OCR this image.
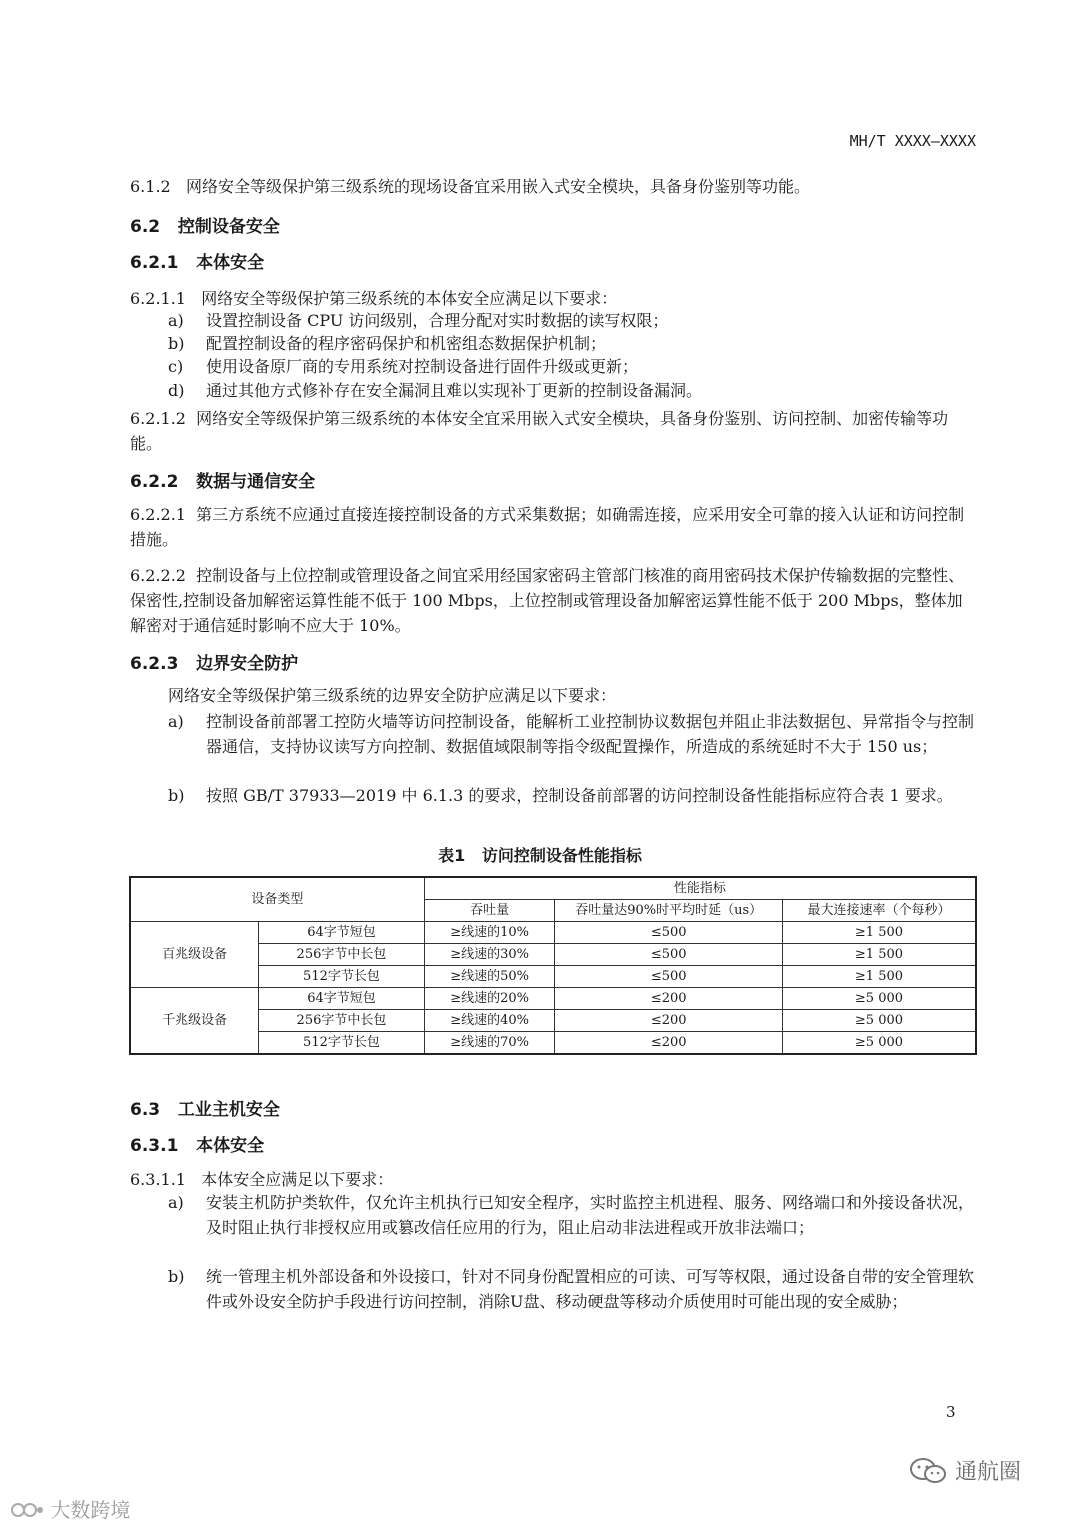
MH/T XXXX—XXXX
6.1.2 网络安全等级保护第三级系统的现场设备宜采用嵌入式安全模块，具备身份鉴别等功能。
6.2 控制设备安全
6.2.1 本体安全
6.2.1.1 网络安全等级保护第三级系统的本体安全应满足以下要求：
a) 设置控制设备 CPU 访问级别，合理分配对实时数据的读写权限；
b) 配置控制设备的程序密码保护和机密组态数据保护机制；
c) 使用设备原厂商的专用系统对控制设备进行固件升级或更新；
d) 通过其他方式修补存在安全漏洞且难以实现补丁更新的控制设备漏洞。
6.2.1.2 网络安全等级保护第三级系统的本体安全宜采用嵌入式安全模块，具备身份鉴别、访问控制、加密传输等功能。
6.2.2 数据与通信安全
6.2.2.1 第三方系统不应通过直接连接控制设备的方式采集数据；如确需连接，应采用安全可靠的接入认证和访问控制措施。
6.2.2.2 控制设备与上位控制或管理设备之间宜采用经国家密码主管部门核准的商用密码技术保护传输数据的完整性、保密性,控制设备加解密运算性能不低于 100 Mbps，上位控制或管理设备加解密运算性能不低于 200 Mbps，整体加解密对于通信延时影响不应大于 10%。
6.2.3 边界安全防护
网络安全等级保护第三级系统的边界安全防护应满足以下要求：
a) 控制设备前部署工控防火墙等访问控制设备，能解析工业控制协议数据包并阻止非法数据包、异常指令与控制器通信，支持协议读写方向控制、数据值域限制等指令级配置操作，所造成的系统延时不大于 150 us；
b) 按照 GB/T 37933—2019 中 6.1.3 的要求，控制设备前部署的访问控制设备性能指标应符合表 1 要求。
表1 访问控制设备性能指标
设备类型		性能指标		
		吞吐量	吞吐量达90%时平均时延（us）	最大连接速率（个每秒）
百兆级设备	64字节短包	≥线速的10%	≤500	≥1 500
	256字节中长包	≥线速的30%	≤500	≥1 500
	512字节长包	≥线速的50%	≤500	≥1 500
千兆级设备	64字节短包	≥线速的20%	≤200	≥5 000
	256字节中长包	≥线速的40%	≤200	≥5 000
	512字节长包	≥线速的70%	≤200	≥5 000
6.3 工业主机安全
6.3.1 本体安全
6.3.1.1 本体安全应满足以下要求：
a) 安装主机防护类软件，仅允许主机执行已知安全程序，实时监控主机进程、服务、网络端口和外接设备状况，及时阻止执行非授权应用或篡改信任应用的行为，阻止启动非法进程或开放非法端口；
b) 统一管理主机外部设备和外设接口，针对不同身份配置相应的可读、可写等权限，通过设备自带的安全管理软件或外设安全防护手段进行访问控制，消除U盘、移动硬盘等移动介质使用时可能出现的安全威胁；
3
大数跨境
通航圈
